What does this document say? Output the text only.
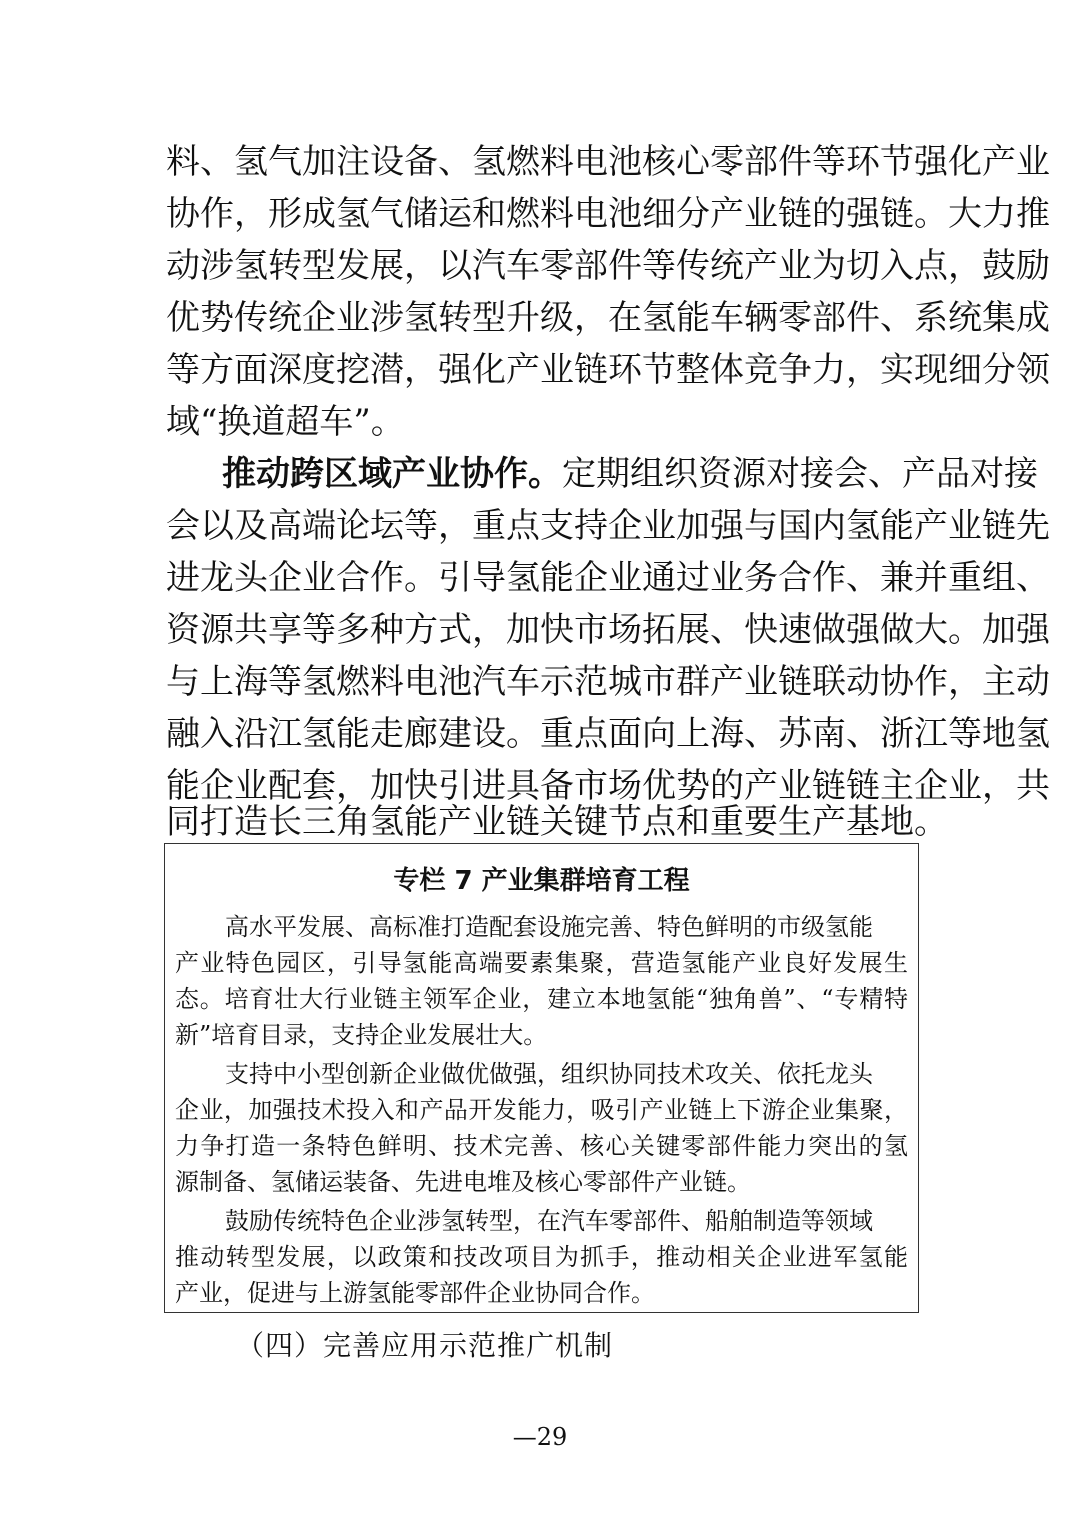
料、氢气加注设备、氢燃料电池核心零部件等环节强化产业
协作，形成氢气储运和燃料电池细分产业链的强链。大力推
动涉氢转型发展，以汽车零部件等传统产业为切入点，鼓励
优势传统企业涉氢转型升级，在氢能车辆零部件、系统集成
等方面深度挖潜，强化产业链环节整体竞争力，实现细分领
域“换道超车”。
推动跨区域产业协作。定期组织资源对接会、产品对接
会以及高端论坛等，重点支持企业加强与国内氢能产业链先
进龙头企业合作。引导氢能企业通过业务合作、兼并重组、
资源共享等多种方式，加快市场拓展、快速做强做大。加强
与上海等氢燃料电池汽车示范城市群产业链联动协作，主动
融入沿江氢能走廊建设。重点面向上海、苏南、浙江等地氢
能企业配套，加快引进具备市场优势的产业链链主企业，共
同打造长三角氢能产业链关键节点和重要生产基地。
专栏 7 产业集群培育工程
高水平发展、高标准打造配套设施完善、特色鲜明的市级氢能
产业特色园区，引导氢能高端要素集聚，营造氢能产业良好发展生
态。培育壮大行业链主领军企业，建立本地氢能“独角兽”、“专精特
新”培育目录，支持企业发展壮大。
支持中小型创新企业做优做强，组织协同技术攻关、依托龙头
企业，加强技术投入和产品开发能力，吸引产业链上下游企业集聚，
力争打造一条特色鲜明、技术完善、核心关键零部件能力突出的氢
源制备、氢储运装备、先进电堆及核心零部件产业链。
鼓励传统特色企业涉氢转型，在汽车零部件、船舶制造等领域
推动转型发展，以政策和技改项目为抓手，推动相关企业进军氢能
产业，促进与上游氢能零部件企业协同合作。
（四）完善应用示范推广机制
—29
